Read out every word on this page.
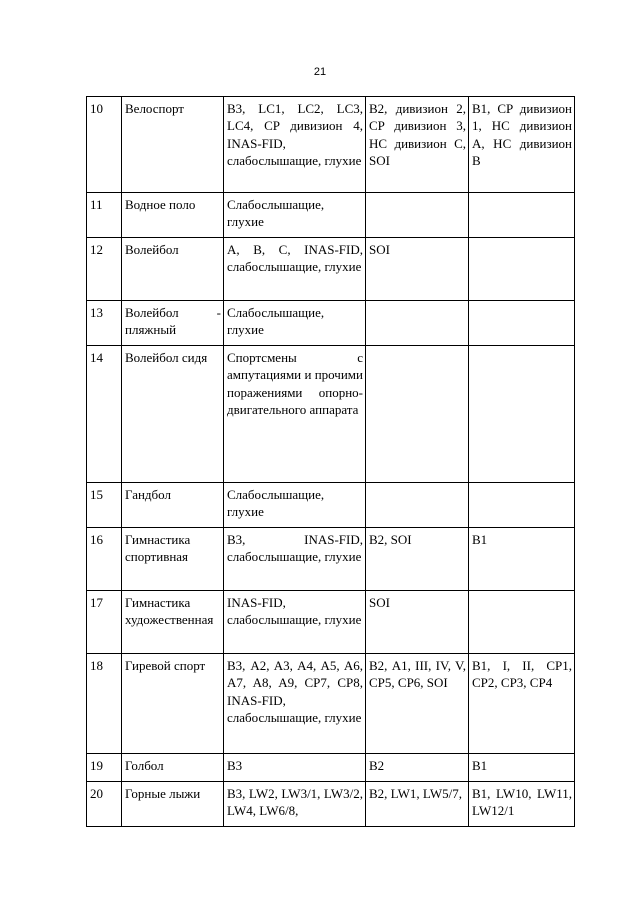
21
10	Велоспорт	В3, LC1, LC2, LC3, LC4, CP дивизион 4, INAS-FID, слабослышащие, глухие	В2, дивизион 2, CP дивизион 3, HC дивизион C, SOI	В1, CP дивизион 1, HC дивизион A, HC дивизион B
11	Водное поло	Слабослышащие, глухие		
12	Волейбол	A, B, C, INAS-FID, слабослышащие, глухие	SOI	
13	Волейбол - пляжный	Слабослышащие, глухие		
14	Волейбол сидя	Спортсмены с ампутациями и прочими поражениями опорно-двигательного аппарата		
15	Гандбол	Слабослышащие, глухие		
16	Гимнастика спортивная	В3, INAS-FID, слабослышащие, глухие	В2, SOI	В1
17	Гимнастика художественная	INAS-FID, слабослышащие, глухие	SOI	
18	Гиревой спорт	В3, A2, A3, A4, A5, A6, A7, A8, A9, CP7, CP8, INAS-FID, слабослышащие, глухие	В2, A1, III, IV, V, CP5, CP6, SOI	В1, I, II, CP1, CP2, CP3, CP4
19	Голбол	В3	В2	В1
20	Горные лыжи	В3, LW2, LW3/1, LW3/2, LW4, LW6/8,	В2, LW1, LW5/7,	В1, LW10, LW11, LW12/1
